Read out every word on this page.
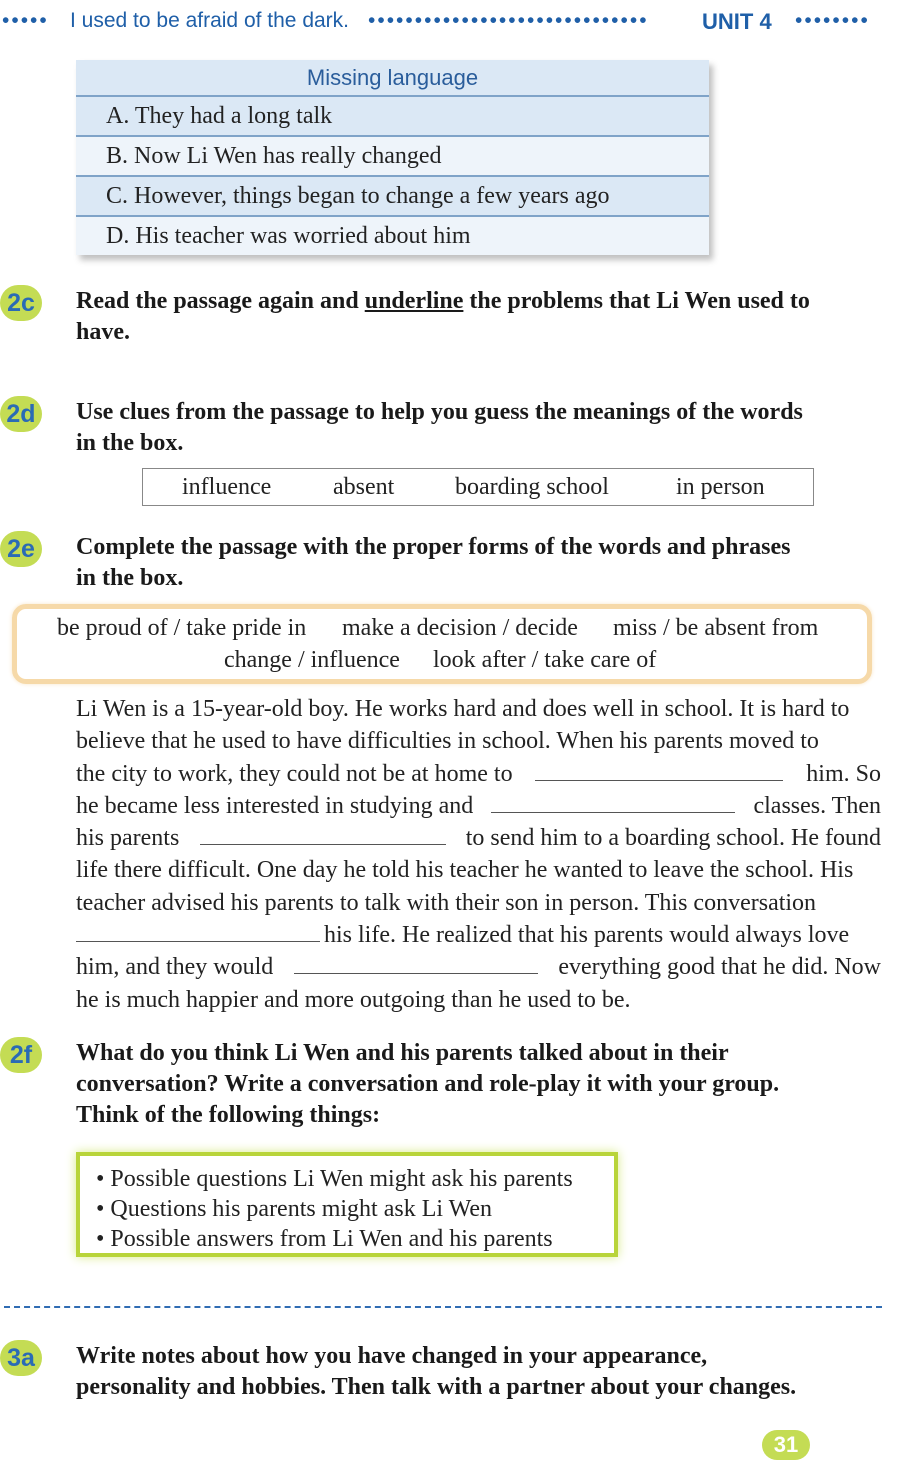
••••• I used to be afraid of the dark. •••••••••••••••••••••••••••••• UNIT 4 ••••••••
Missing language
A. They had a long talk
B. Now Li Wen has really changed
C. However, things began to change a few years ago
D. His teacher was worried about him
2c Read the passage again and underline the problems that Li Wen used to
have.
2d Use clues from the passage to help you guess the meanings of the words
in the box.
influence	absent	boarding school	in person
2e Complete the passage with the proper forms of the words and phrases
in the box.
be proud of / take pride in make a decision / decide miss / be absent from
change / influence look after / take care of
Li Wen is a 15-year-old boy. He works hard and does well in school. It is hard to
believe that he used to have difficulties in school. When his parents moved to
the city to work, they could not be at home to	him. So
he became less interested in studying and	classes. Then
his parents	to send him to a boarding school. He found
life there difficult. One day he told his teacher he wanted to leave the school. His
teacher advised his parents to talk with their son in person. This conversation
his life. He realized that his parents would always love
him, and they would	everything good that he did. Now
he is much happier and more outgoing than he used to be.
2f	What do you think Li Wen and his parents talked about in their
conversation? Write a conversation and role-play it with your group.
Think of the following things:
• Possible questions Li Wen might ask his parents
• Questions his parents might ask Li Wen
• Possible answers from Li Wen and his parents
3a Write notes about how you have changed in your appearance,
personality and hobbies. Then talk with a partner about your changes.
31
